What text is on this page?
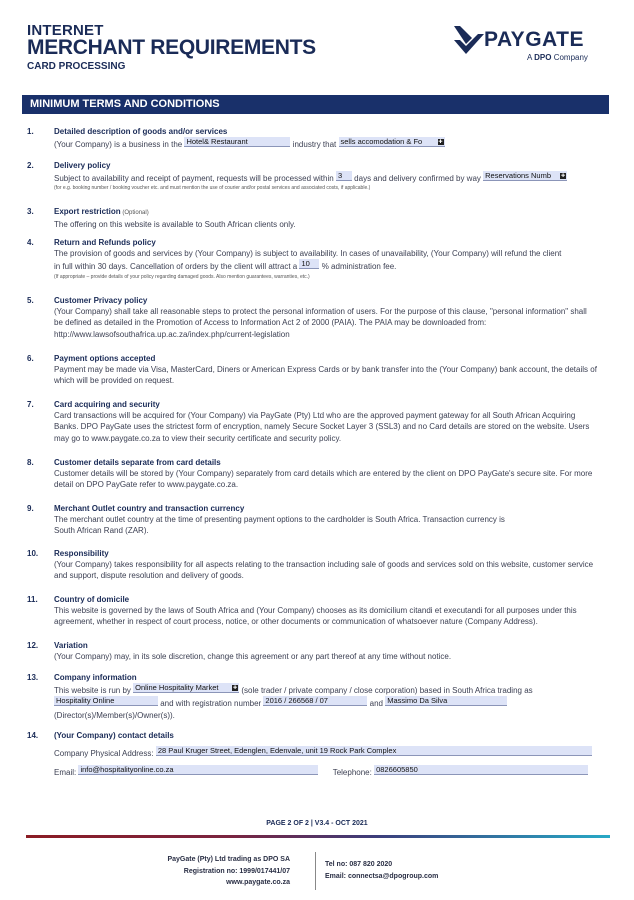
INTERNET
MERCHANT REQUIREMENTS
CARD PROCESSING
PAYGATE
A DPO Company
MINIMUM TERMS AND CONDITIONS
1.	Detailed description of goods and/or services
(Your Company) is a business in the Hotel& Restaurant	industry that sells accomodation & Fo	✚
2.	Delivery policy
Subject to availability and receipt of payment, requests will be processed within 3 days and delivery confirmed by way Reservations Numb ✚
(for e.g. booking number / booking voucher etc. and must mention the use of courier and/or postal services and associated costs, if applicable.)
3.	Export restriction (Optional)
The offering on this website is available to South African clients only.
4.	Return and Refunds policy
The provision of goods and services by (Your Company) is subject to availability. In cases of unavailability, (Your Company) will refund the client
in full within 30 days. Cancellation of orders by the client will attract a 10 % administration fee.
(If appropriate – provide details of your policy regarding damaged goods. Also mention guarantees, warranties, etc.)
5.	Customer Privacy policy
(Your Company) shall take all reasonable steps to protect the personal information of users. For the purpose of this clause, "personal information" shall be defined as detailed in the Promotion of Access to Information Act 2 of 2000 (PAIA). The PAIA may be downloaded from: http://www.lawsofsouthafrica.up.ac.za/index.php/current-legislation
6.	Payment options accepted
Payment may be made via Visa, MasterCard, Diners or American Express Cards or by bank transfer into the (Your Company) bank account, the details of which will be provided on request.
7.	Card acquiring and security
Card transactions will be acquired for (Your Company) via PayGate (Pty) Ltd who are the approved payment gateway for all South African Acquiring Banks. DPO PayGate uses the strictest form of encryption, namely Secure Socket Layer 3 (SSL3) and no Card details are stored on the website. Users may go to www.paygate.co.za to view their security certificate and security policy.
8.	Customer details separate from card details
Customer details will be stored by (Your Company) separately from card details which are entered by the client on DPO PayGate's secure site. For more detail on DPO PayGate refer to www.paygate.co.za.
9.	Merchant Outlet country and transaction currency
The merchant outlet country at the time of presenting payment options to the cardholder is South Africa. Transaction currency is
South African Rand (ZAR).
10. Responsibility
(Your Company) takes responsibility for all aspects relating to the transaction including sale of goods and services sold on this website, customer service and support, dispute resolution and delivery of goods.
11. Country of domicile
This website is governed by the laws of South Africa and (Your Company) chooses as its domicilium citandi et executandi for all purposes under this agreement, whether in respect of court process, notice, or other documents or communication of whatsoever nature (Company Address).
12. Variation
(Your Company) may, in its sole discretion, change this agreement or any part thereof at any time without notice.
13. Company information
This website is run by Online Hospitality Market	✚ (sole trader / private company / close corporation) based in South Africa trading as
Hospitality Online	and with registration number 2016 / 266568 / 07	and Massimo Da Silva
(Director(s)/Member(s)/Owner(s)).
14. (Your Company) contact details
Company Physical Address: 28 Paul Kruger Street, Edenglen, Edenvale, unit 19 Rock Park Complex
Email: info@hospitalityonline.co.za	Telephone: 0826605850
PAGE 2 OF 2 | V3.4 - OCT 2021
PayGate (Pty) Ltd trading as DPO SA
Registration no: 1999/017441/07
www.paygate.co.za
Tel no: 087 820 2020
Email: connectsa@dpogroup.com
